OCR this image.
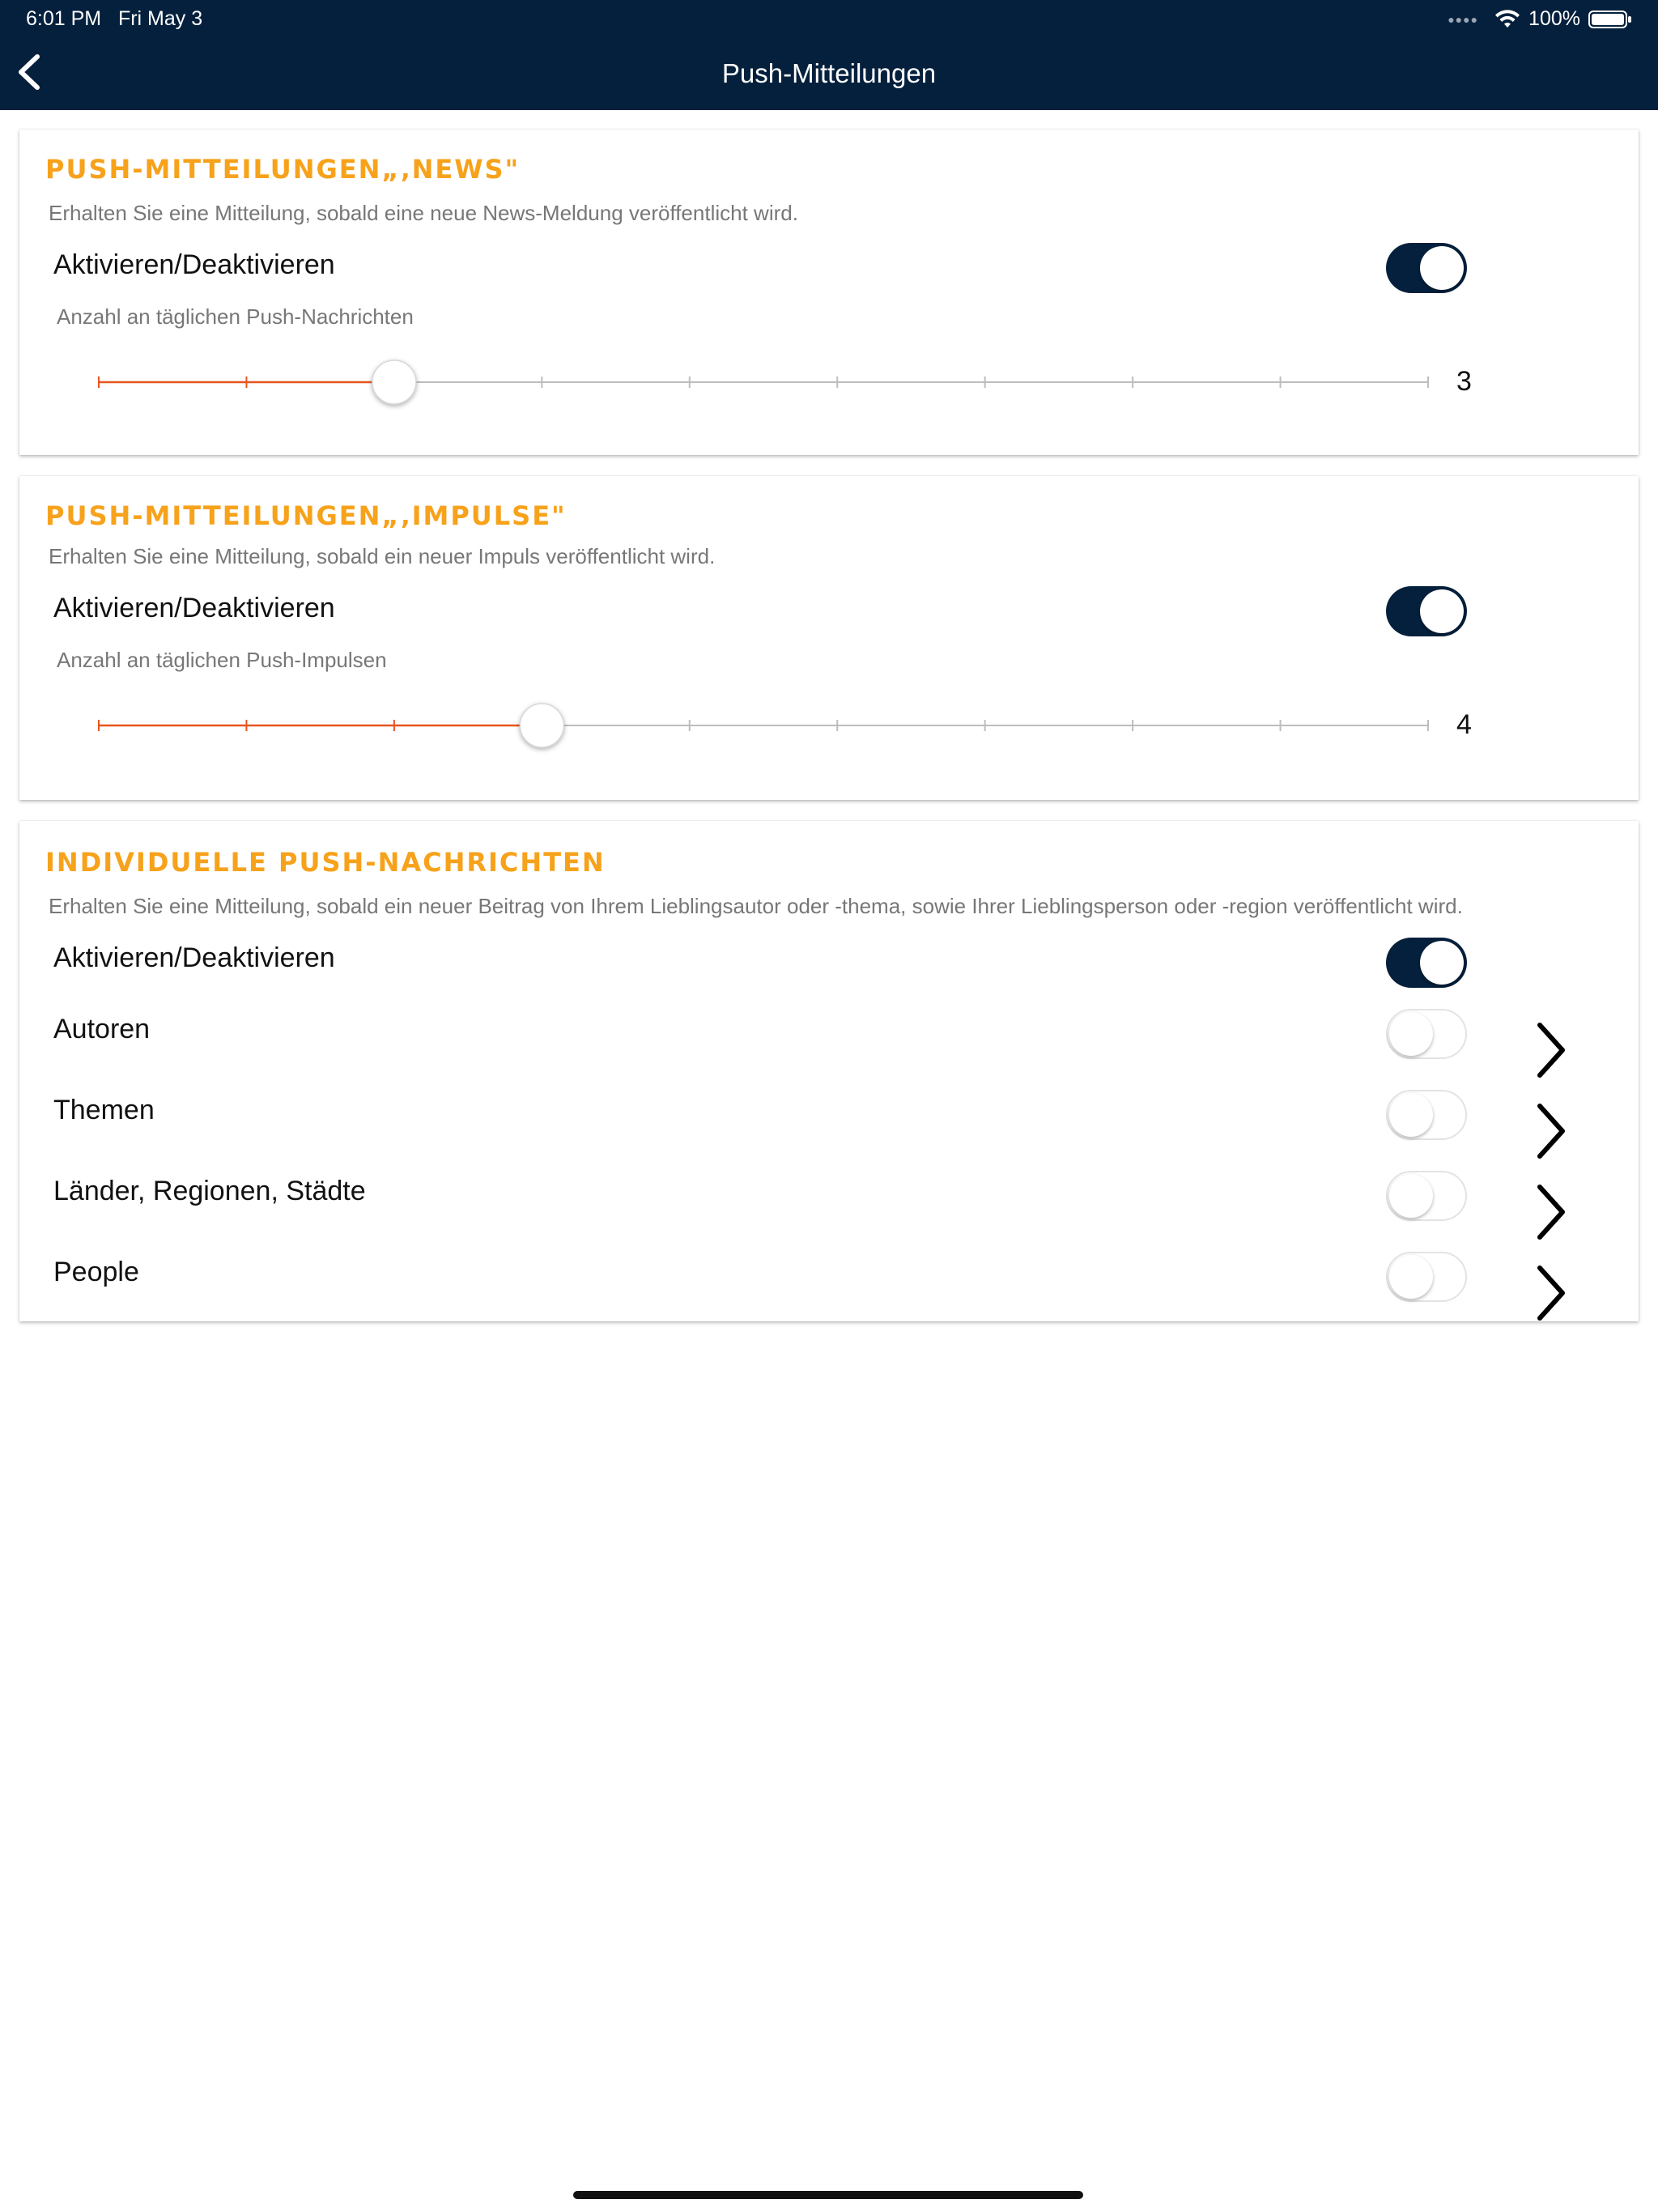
6:01 PM Fri May 3	●●●● 100%
Push-Mitteilungen
PUSH-MITTEILUNGEN„‚NEWS"
Erhalten Sie eine Mitteilung, sobald eine neue News-Meldung veröffentlicht wird.
Aktivieren/Deaktivieren
Anzahl an täglichen Push-Nachrichten
3
PUSH-MITTEILUNGEN„‚IMPULSE"
Erhalten Sie eine Mitteilung, sobald ein neuer Impuls veröffentlicht wird.
Aktivieren/Deaktivieren
Anzahl an täglichen Push-Impulsen
4
INDIVIDUELLE PUSH-NACHRICHTEN
Erhalten Sie eine Mitteilung, sobald ein neuer Beitrag von Ihrem Lieblingsautor oder -thema, sowie Ihrer Lieblingsperson oder -region veröffentlicht wird.
Aktivieren/Deaktivieren
Autoren
Themen
Länder, Regionen, Städte
People
